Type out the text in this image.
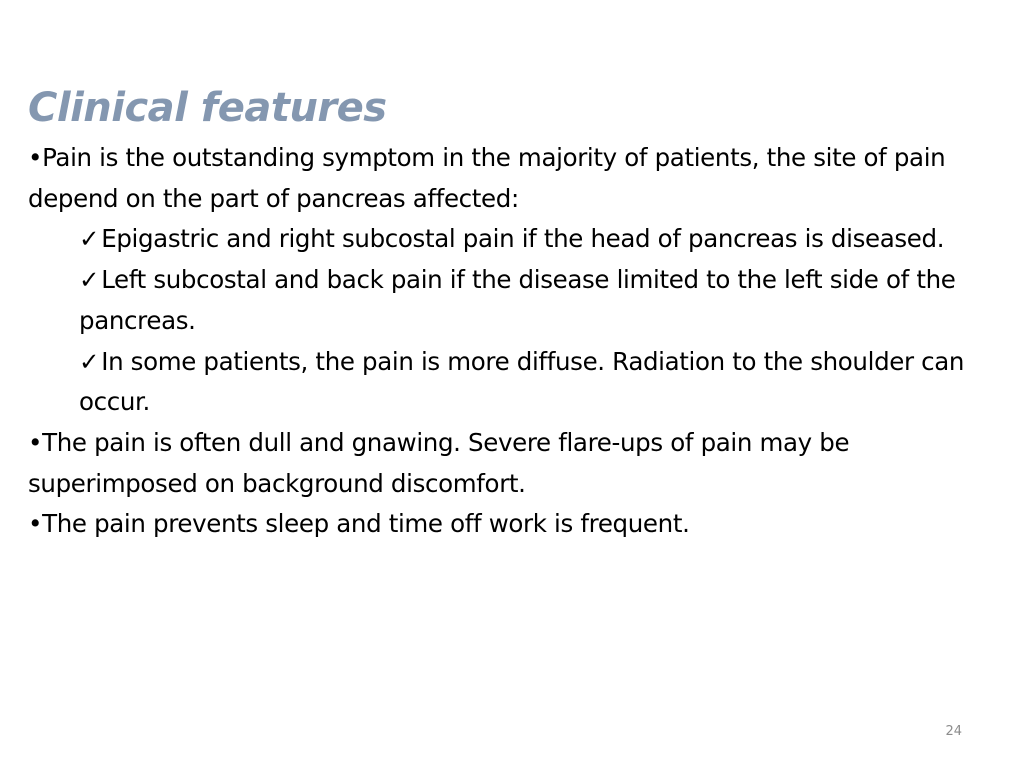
Clinical features

•Pain is the outstanding symptom in the majority of patients, the site of pain depend on the part of pancreas affected:

✓Epigastric and right subcostal pain if the head of pancreas is diseased.

✓Left subcostal and back pain if the disease limited to the left side of the pancreas.

✓In some patients, the pain is more diffuse. Radiation to the shoulder can occur.

•The pain is often dull and gnawing. Severe flare-ups of pain may be superimposed on background discomfort.

•The pain prevents sleep and time off work is frequent.

24
